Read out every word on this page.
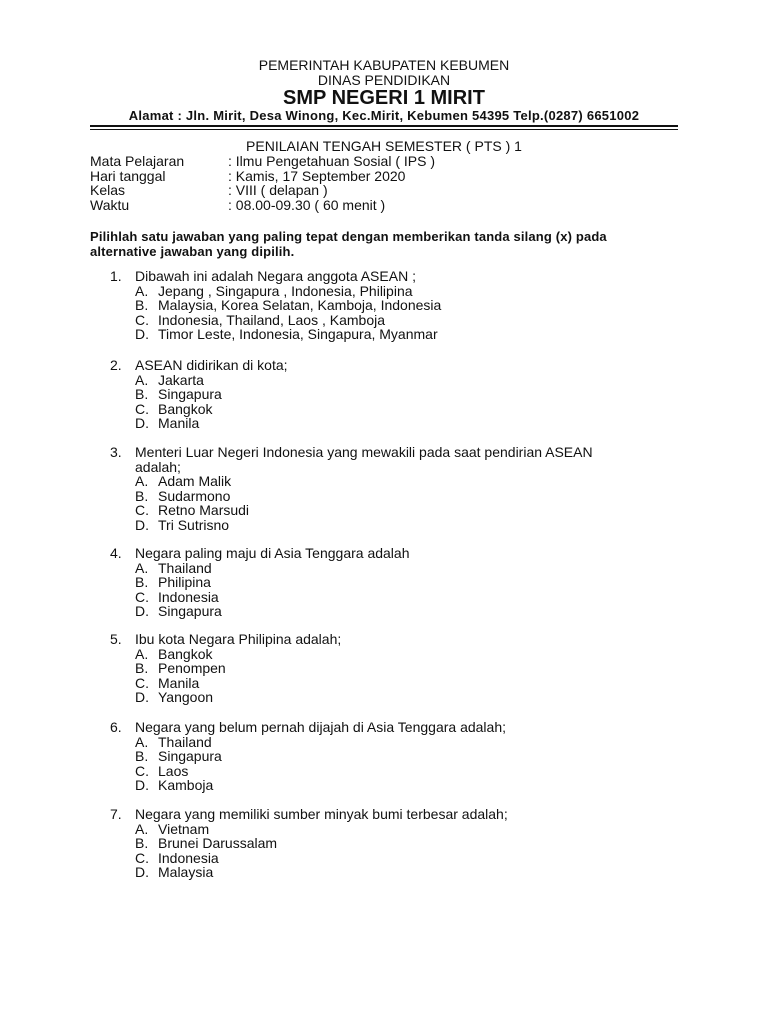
PEMERINTAH KABUPATEN KEBUMEN
DINAS PENDIDIKAN
SMP NEGERI 1 MIRIT
Alamat : Jln. Mirit, Desa Winong, Kec.Mirit, Kebumen 54395 Telp.(0287) 6651002
PENILAIAN TENGAH SEMESTER ( PTS ) 1
Mata Pelajaran	: Ilmu Pengetahuan Sosial ( IPS )
Hari tanggal	: Kamis, 17 September 2020
Kelas	: VIII ( delapan )
Waktu	: 08.00-09.30 ( 60 menit )
Pilihlah satu jawaban yang paling tepat dengan memberikan tanda silang (x) pada
alternative jawaban yang dipilih.
1. Dibawah ini adalah Negara anggota ASEAN ;
A. Jepang , Singapura , Indonesia, Philipina
B. Malaysia, Korea Selatan, Kamboja, Indonesia
C. Indonesia, Thailand, Laos , Kamboja
D. Timor Leste, Indonesia, Singapura, Myanmar
2. ASEAN didirikan di kota;
A. Jakarta
B. Singapura
C. Bangkok
D. Manila
3. Menteri Luar Negeri Indonesia yang mewakili pada saat pendirian ASEAN
adalah;
A. Adam Malik
B. Sudarmono
C. Retno Marsudi
D. Tri Sutrisno
4. Negara paling maju di Asia Tenggara adalah
A. Thailand
B. Philipina
C. Indonesia
D. Singapura
5. Ibu kota Negara Philipina adalah;
A. Bangkok
B. Penompen
C. Manila
D. Yangoon
6. Negara yang belum pernah dijajah di Asia Tenggara adalah;
A. Thailand
B. Singapura
C. Laos
D. Kamboja
7. Negara yang memiliki sumber minyak bumi terbesar adalah;
A. Vietnam
B. Brunei Darussalam
C. Indonesia
D. Malaysia
